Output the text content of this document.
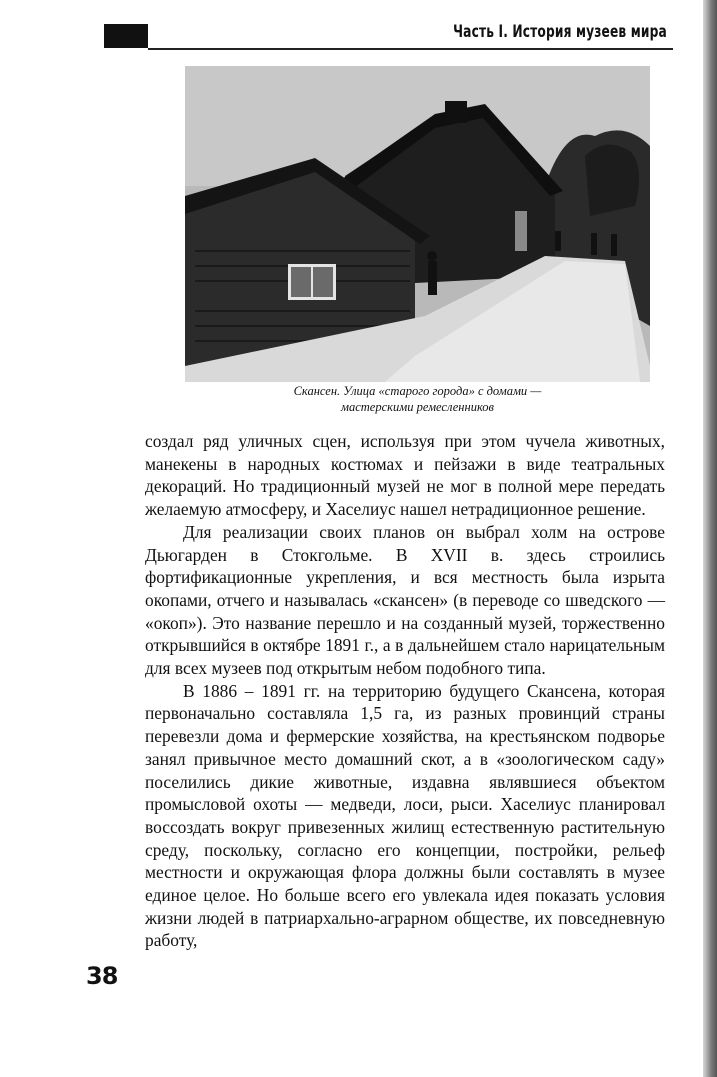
Часть I. История музеев мира
Скансен. Улица «старого города» с домами —
мастерскими ремесленников

создал ряд уличных сцен, используя при этом чучела животных, манекены в народных костюмах и пейзажи в виде театральных декораций. Но традиционный музей не мог в полной мере передать желаемую атмосферу, и Хаселиус нашел нетрадиционное решение.

Для реализации своих планов он выбрал холм на острове Дьюгарден в Стокгольме. В XVII в. здесь строились фортификационные укрепления, и вся местность была изрыта окопами, отчего и называлась «скансен» (в переводе со шведского — «окоп»). Это название перешло и на созданный музей, торжественно открывшийся в октябре 1891 г., а в дальнейшем стало нарицательным для всех музеев под открытым небом подобного типа.

В 1886 – 1891 гг. на территорию будущего Скансена, которая первоначально составляла 1,5 га, из разных провинций страны перевезли дома и фермерские хозяйства, на крестьянском подворье занял привычное место домашний скот, а в «зоологическом саду» поселились дикие животные, издавна являвшиеся объектом промысловой охоты — медведи, лоси, рыси. Хаселиус планировал воссоздать вокруг привезенных жилищ естественную растительную среду, поскольку, согласно его концепции, постройки, рельеф местности и окружающая флора должны были составлять в музее единое целое. Но больше всего его увлекала идея показать условия жизни людей в патриархально-аграрном обществе, их повседневную работу,

38
